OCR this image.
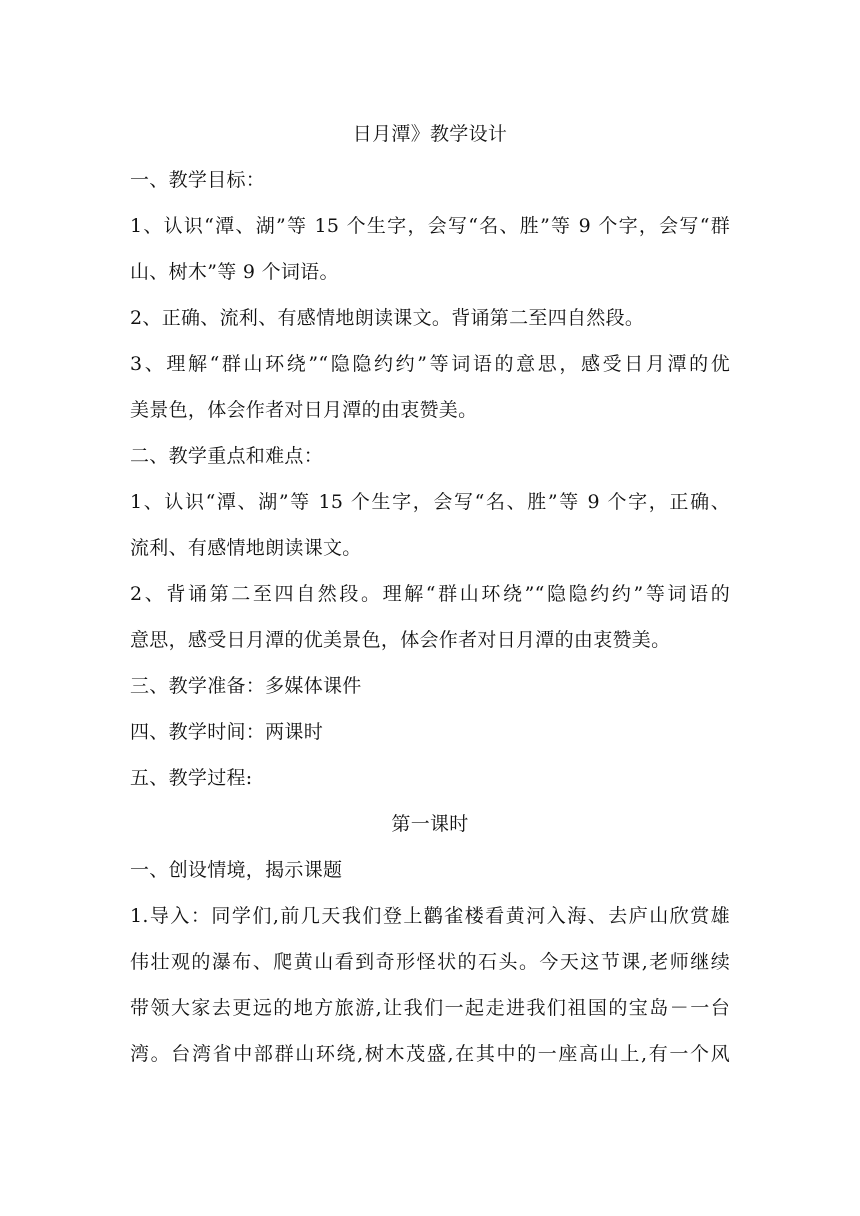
日月潭》教学设计
一、教学目标：
1、认识“潭、湖”等 15 个生字，会写“名、胜”等 9 个字，会写“群
山、树木”等 9 个词语。
2、正确、流利、有感情地朗读课文。背诵第二至四自然段。
3、理解“群山环绕”“隐隐约约”等词语的意思，感受日月潭的优
美景色，体会作者对日月潭的由衷赞美。
二、教学重点和难点：
1、认识“潭、湖”等 15 个生字，会写“名、胜”等 9 个字，正确、
流利、有感情地朗读课文。
2、背诵第二至四自然段。理解“群山环绕”“隐隐约约”等词语的
意思，感受日月潭的优美景色，体会作者对日月潭的由衷赞美。
三、教学准备：多媒体课件
四、教学时间：两课时
五、教学过程:
第一课时
一、创设情境，揭示课题
1.导入：同学们,前几天我们登上鹳雀楼看黄河入海、去庐山欣赏雄
伟壮观的瀑布、爬黄山看到奇形怪状的石头。今天这节课,老师继续
带领大家去更远的地方旅游,让我们一起走进我们祖国的宝岛－一台
湾。台湾省中部群山环绕,树木茂盛,在其中的一座高山上,有一个风
